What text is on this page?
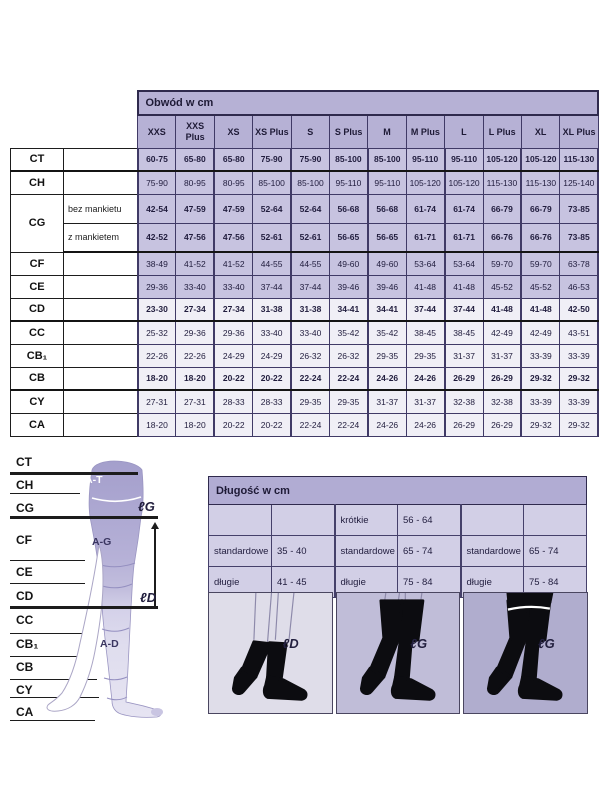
		Obwód w cm											
		XXS	XXS Plus	XS	XS Plus	S	S Plus	M	M Plus	L	L Plus	XL	XL Plus
CT		60-75	65-80	65-80	75-90	75-90	85-100	85-100	95-110	95-110	105-120	105-120	115-130
CH		75-90	80-95	80-95	85-100	85-100	95-110	95-110	105-120	105-120	115-130	115-130	125-140
CG	bez mankietu	42-54	47-59	47-59	52-64	52-64	56-68	56-68	61-74	61-74	66-79	66-79	73-85
	z mankietem	42-52	47-56	47-56	52-61	52-61	56-65	56-65	61-71	61-71	66-76	66-76	73-85
CF		38-49	41-52	41-52	44-55	44-55	49-60	49-60	53-64	53-64	59-70	59-70	63-78
CE		29-36	33-40	33-40	37-44	37-44	39-46	39-46	41-48	41-48	45-52	45-52	46-53
CD		23-30	27-34	27-34	31-38	31-38	34-41	34-41	37-44	37-44	41-48	41-48	42-50
CC		25-32	29-36	29-36	33-40	33-40	35-42	35-42	38-45	38-45	42-49	42-49	43-51
CB₁		22-26	22-26	24-29	24-29	26-32	26-32	29-35	29-35	31-37	31-37	33-39	33-39
CB		18-20	18-20	20-22	20-22	22-24	22-24	24-26	24-26	26-29	26-29	29-32	29-32
CY		27-31	27-31	28-33	28-33	29-35	29-35	31-37	31-37	32-38	32-38	33-39	33-39
CA		18-20	18-20	20-22	20-22	22-24	22-24	24-26	24-26	26-29	26-29	29-32	29-32
CT
CH
CG
CF
CE
CD
CC
CB₁
CB
CY
CA
A-T
A-G
A-D
ℓG
ℓD
Długość w cm					
		krótkie	56 - 64		
standardowe	35 - 40	standardowe	65 - 74	standardowe	65 - 74
długie	41 - 45	długie	75 - 84	długie	75 - 84
ℓD	ℓG	ℓG
